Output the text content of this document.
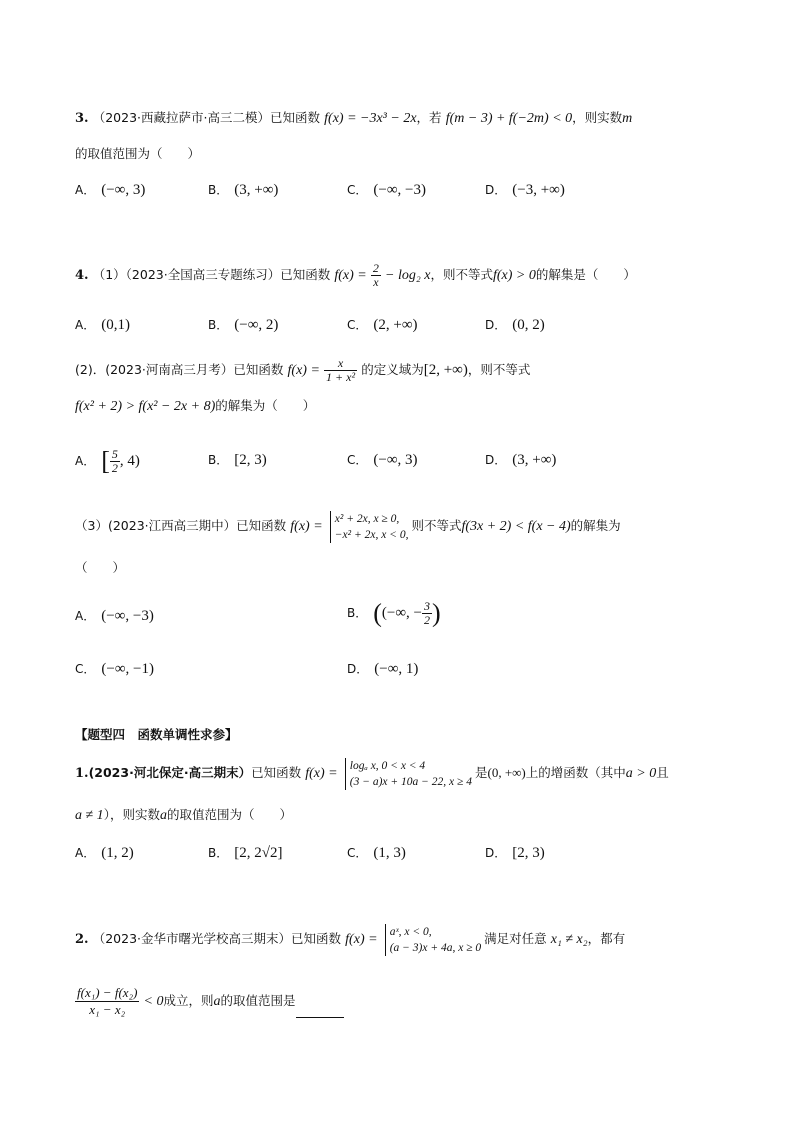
3. （2023·西藏拉萨市·高三二模）已知函数 f(x) = −3x³ − 2x，若 f(m − 3) + f(−2m) < 0，则实数m
的取值范围为（　　）
A． (−∞, 3)	B． (3, +∞)	C． (−∞, −3)	D． (−3, +∞)
4. （1）（2023·全国高三专题练习）已知函数 $f(x) = \frac{2}{x} - \log_2$ x，则不等式f(x) > 0的解集是（　　）
A． (0,1)	B． (−∞, 2)	C． (2, +∞)	D． (0, 2)
(2)．(2023·河南高三月考）已知函数 $f(x) = \frac{x}{\text{1 + x²}}$ 的定义域为[2, +∞)，则不等式
f(x² + 2) > f(x² − 2x + 8)的解集为（　　）
A． [ $\frac{5}{2}$ , 4)	B． [2, 3)	C． (−∞, 3)	D． (3, +∞)
（3）(2023·江西高三期中）已知函数 f(x) =
x² + 2x, x ≥ 0,
−x² + 2x, x < 0,
则不等式f(3x + 2) < f(x − 4)的解集为
（　　）
A． (−∞, −3)	B． ((−∞, − $\frac{3}{2}$ )
C． (−∞, −1)	D． (−∞, 1)
【题型四　函数单调性求参】
1.(2023·河北保定·高三期末）已知函数 f(x) =
logₐ x, 0 < x < 4
(3 − a)x + 10a − 22, x ≥ 4
是(0, +∞)上的增函数（其中a > 0且
a ≠ 1），则实数a的取值范围为（　　）
A． (1, 2)	B． [2, 2√2]	C． (1, 3)	D． [2, 3)
2. （2023·金华市曙光学校高三期末）已知函数 f(x) =
aˣ, x < 0,
(a − 3)x + 4a, x ≥ 0
满足对任意 x₁ ≠ x₂，都有
$\frac{\text{f(x₁) − f(x₂)}}{\text{x₁ − x₂}} < 0$成立，则a的取值范围是
